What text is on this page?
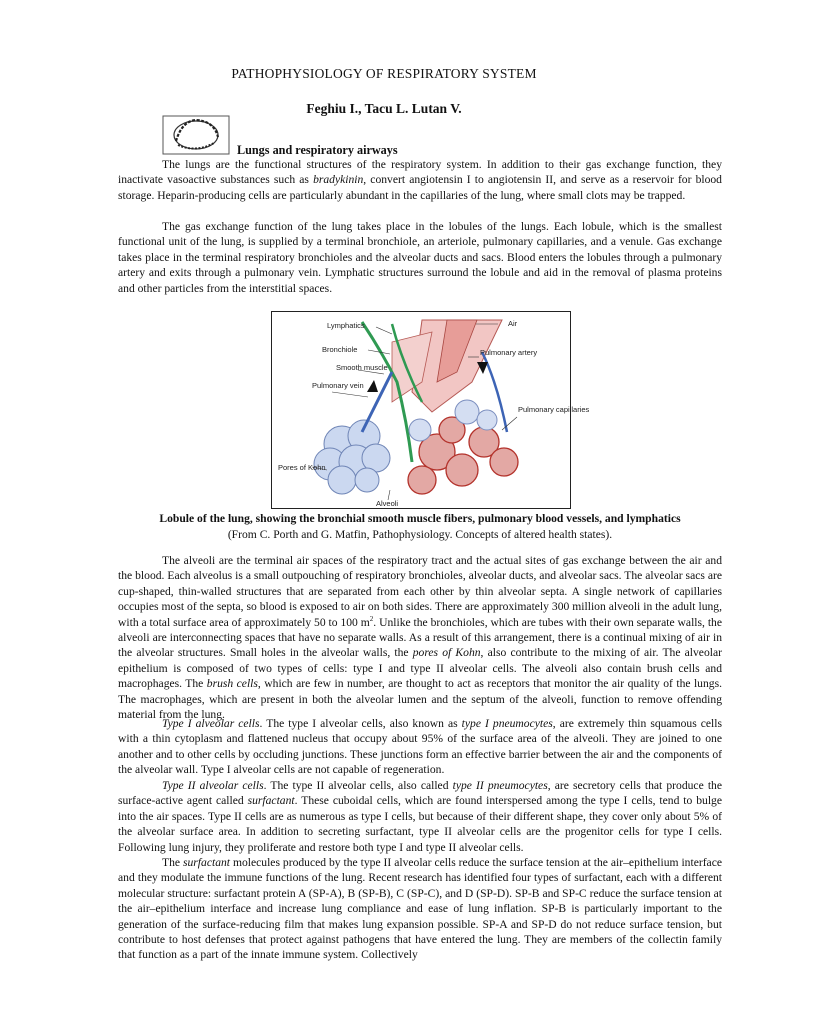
PATHOPHYSIOLOGY OF RESPIRATORY SYSTEM
Feghiu I., Tacu L. Lutan V.
Lungs and respiratory airways

The lungs are the functional structures of the respiratory system. In addition to their gas exchange function, they inactivate vasoactive substances such as bradykinin, convert angiotensin I to angiotensin II, and serve as a reservoir for blood storage. Heparin-producing cells are particularly abundant in the capillaries of the lung, where small clots may be trapped.

The gas exchange function of the lung takes place in the lobules of the lungs. Each lobule, which is the smallest functional unit of the lung, is supplied by a terminal bronchiole, an arteriole, pulmonary capillaries, and a venule. Gas exchange takes place in the terminal respiratory bronchioles and the alveolar ducts and sacs. Blood enters the lobules through a pulmonary artery and exits through a pulmonary vein. Lymphatic structures surround the lobule and aid in the removal of plasma proteins and other particles from the interstitial spaces.

Lymphatics	Air
Bronchiole	Pulmonary artery
Smooth muscle
Pulmonary vein
Pulmonary capillaries
Pores of Kohn
Alveoli
Lobule of the lung, showing the bronchial smooth muscle fibers, pulmonary blood vessels, and lymphatics
(From C. Porth and G. Matfin, Pathophysiology. Concepts of altered health states).

The alveoli are the terminal air spaces of the respiratory tract and the actual sites of gas exchange between the air and the blood. Each alveolus is a small outpouching of respiratory bronchioles, alveolar ducts, and alveolar sacs. The alveolar sacs are cup-shaped, thin-walled structures that are separated from each other by thin alveolar septa. A single network of capillaries occupies most of the septa, so blood is exposed to air on both sides. There are approximately 300 million alveoli in the adult lung, with a total surface area of approximately 50 to 100 $m^2$. Unlike the bronchioles, which are tubes with their own separate walls, the alveoli are interconnecting spaces that have no separate walls. As a result of this arrangement, there is a continual mixing of air in the alveolar structures. Small holes in the alveolar walls, the pores of Kohn, also contribute to the mixing of air. The alveolar epithelium is composed of two types of cells: type I and type II alveolar cells. The alveoli also contain brush cells and macrophages. The brush cells, which are few in number, are thought to act as receptors that monitor the air quality of the lungs. The macrophages, which are present in both the alveolar lumen and the septum of the alveoli, function to remove offending material from the lung.

Type I alveolar cells. The type I alveolar cells, also known as type I pneumocytes, are extremely thin squamous cells with a thin cytoplasm and flattened nucleus that occupy about 95% of the surface area of the alveoli. They are joined to one another and to other cells by occluding junctions. These junctions form an effective barrier between the air and the components of the alveolar wall. Type I alveolar cells are not capable of regeneration.

Type II alveolar cells. The type II alveolar cells, also called type II pneumocytes, are secretory cells that produce the surface-active agent called surfactant. These cuboidal cells, which are found interspersed among the type I cells, tend to bulge into the air spaces. Type II cells are as numerous as type I cells, but because of their different shape, they cover only about 5% of the alveolar surface area. In addition to secreting surfactant, type II alveolar cells are the progenitor cells for type I cells. Following lung injury, they proliferate and restore both type I and type II alveolar cells.

The surfactant molecules produced by the type II alveolar cells reduce the surface tension at the air–epithelium interface and they modulate the immune functions of the lung. Recent research has identified four types of surfactant, each with a different molecular structure: surfactant protein A (SP-A), B (SP-B), C (SP-C), and D (SP-D). SP-B and SP-C reduce the surface tension at the air–epithelium interface and increase lung compliance and ease of lung inflation. SP-B is particularly important to the generation of the surface-reducing film that makes lung expansion possible. SP-A and SP-D do not reduce surface tension, but contribute to host defenses that protect against pathogens that have entered the lung. They are members of the collectin family that function as a part of the innate immune system. Collectively
